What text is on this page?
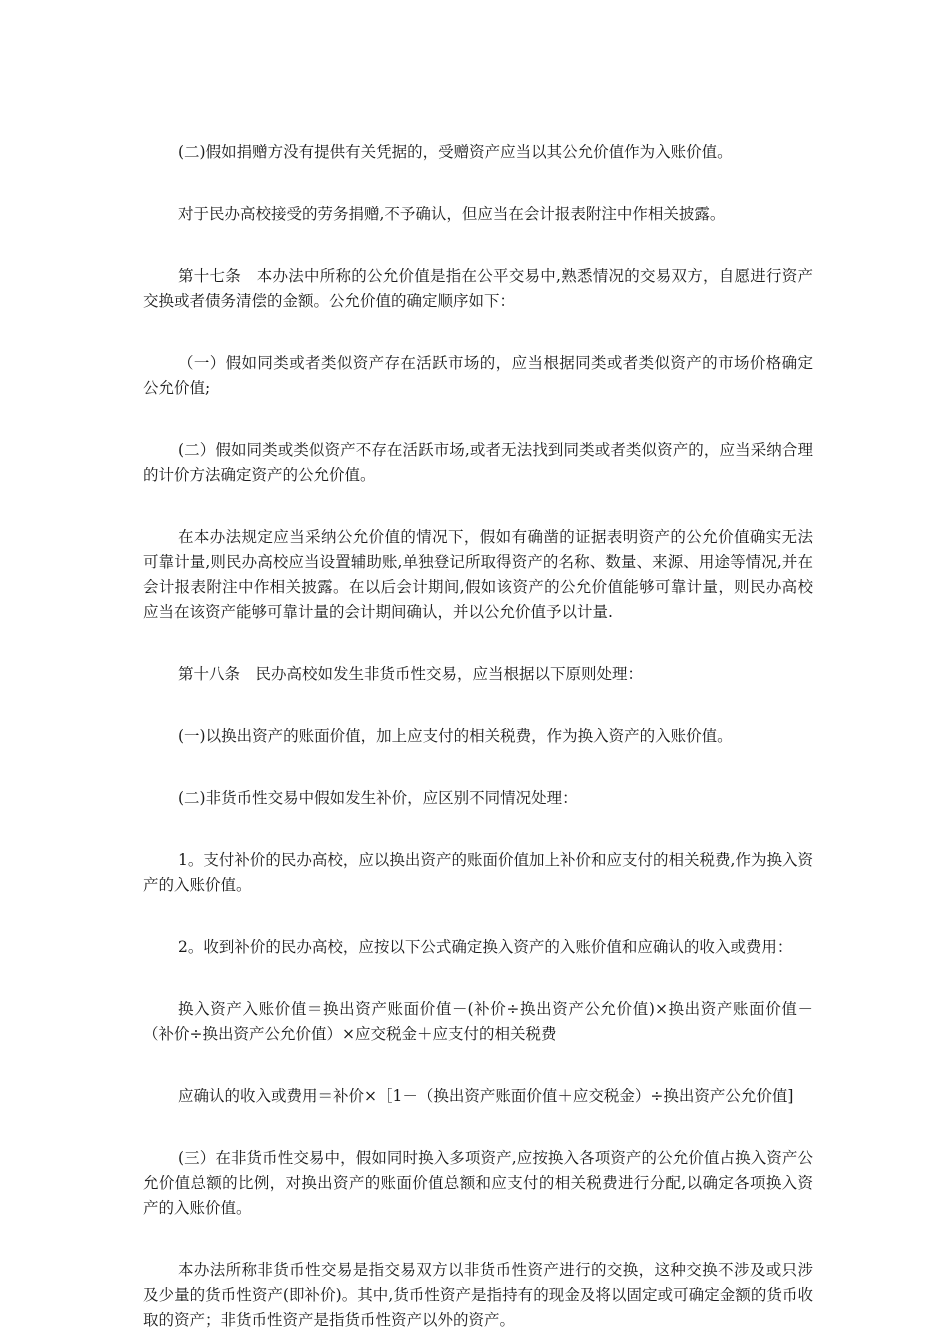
(二)假如捐赠方没有提供有关凭据的，受赠资产应当以其公允价值作为入账价值。

对于民办高校接受的劳务捐赠,不予确认，但应当在会计报表附注中作相关披露。

第十七条　本办法中所称的公允价值是指在公平交易中,熟悉情况的交易双方，自愿进行资产交换或者债务清偿的金额。公允价值的确定顺序如下：

（一）假如同类或者类似资产存在活跃市场的，应当根据同类或者类似资产的市场价格确定公允价值;

(二）假如同类或类似资产不存在活跃市场,或者无法找到同类或者类似资产的，应当采纳合理的计价方法确定资产的公允价值。

在本办法规定应当采纳公允价值的情况下，假如有确凿的证据表明资产的公允价值确实无法可靠计量,则民办高校应当设置辅助账,单独登记所取得资产的名称、数量、来源、用途等情况,并在会计报表附注中作相关披露。在以后会计期间,假如该资产的公允价值能够可靠计量，则民办高校应当在该资产能够可靠计量的会计期间确认，并以公允价值予以计量.

第十八条　民办高校如发生非货币性交易，应当根据以下原则处理：

(一)以换出资产的账面价值，加上应支付的相关税费，作为换入资产的入账价值。

(二)非货币性交易中假如发生补价，应区别不同情况处理：

1。支付补价的民办高校，应以换出资产的账面价值加上补价和应支付的相关税费,作为换入资产的入账价值。

2。收到补价的民办高校，应按以下公式确定换入资产的入账价值和应确认的收入或费用：

换入资产入账价值＝换出资产账面价值－(补价÷换出资产公允价值)×换出资产账面价值－（补价÷换出资产公允价值）×应交税金＋应支付的相关税费

应确认的收入或费用＝补价×［1－（换出资产账面价值＋应交税金）÷换出资产公允价值]

(三）在非货币性交易中，假如同时换入多项资产,应按换入各项资产的公允价值占换入资产公允价值总额的比例，对换出资产的账面价值总额和应支付的相关税费进行分配,以确定各项换入资产的入账价值。

本办法所称非货币性交易是指交易双方以非货币性资产进行的交换，这种交换不涉及或只涉及少量的货币性资产(即补价)。其中,货币性资产是指持有的现金及将以固定或可确定金额的货币收取的资产；非货币性资产是指货币性资产以外的资产。
